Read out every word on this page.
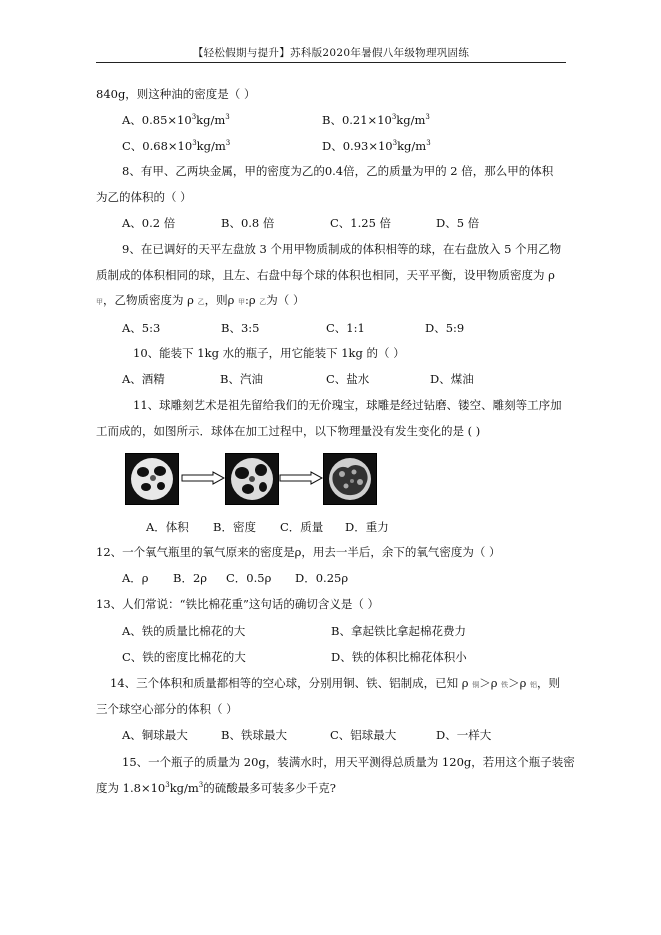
【轻松假期与提升】苏科版2020年暑假八年级物理巩固练
840g，则这种油的密度是（ ）
A、$0.85\times 10^3kg/m^3$	B、$0.21\times 10^3kg/m^3$
C、$0.68\times 10^3kg/m^3$	D、$0.93\times 10^3kg/m^3$
8、有甲、乙两块金属，甲的密度为乙的0.4倍，乙的质量为甲的 2 倍，那么甲的体积
为乙的体积的（ ）
A、0.2 倍	B、0.8 倍	C、1.25 倍	D、5 倍
9、在已调好的天平左盘放 3 个用甲物质制成的体积相等的球，在右盘放入 5 个用乙物
质制成的体积相同的球，且左、右盘中每个球的体积也相同，天平平衡，设甲物质密度为 ρ
甲，乙物质密度为 ρ 乙，则ρ 甲:ρ 乙为（ ）
A、5:3	B、3:5	C、1:1	D、5:9
10、能装下 1kg 水的瓶子，用它能装下 1kg 的（ ）
A、酒精	B、汽油	C、盐水	D、煤油
11、球雕刻艺术是祖先留给我们的无价瑰宝，球雕是经过钻磨、镂空、雕刻等工序加
工而成的，如图所示．球体在加工过程中，以下物理量没有发生变化的是 ( )
A．体积 B．密度 C．质量 D．重力
12、一个氧气瓶里的氧气原来的密度是ρ，用去一半后，余下的氧气密度为（ ）
A．ρ B．2ρ C．0.5ρ D．0.25ρ
13、人们常说：“铁比棉花重”这句话的确切含义是（ ）
A、铁的质量比棉花的大	B、拿起铁比拿起棉花费力
C、铁的密度比棉花的大	D、铁的体积比棉花体积小
14、三个体积和质量都相等的空心球，分别用铜、铁、铝制成，已知 ρ 铜＞ρ 铁＞ρ 铝，则
三个球空心部分的体积（ ）
A、铜球最大	B、铁球最大	C、铝球最大	D、一样大
15、一个瓶子的质量为 20g，装满水时，用天平测得总质量为 120g，若用这个瓶子装密
度为 $1.8\times 10^3kg/m^3$的硫酸最多可装多少千克?
